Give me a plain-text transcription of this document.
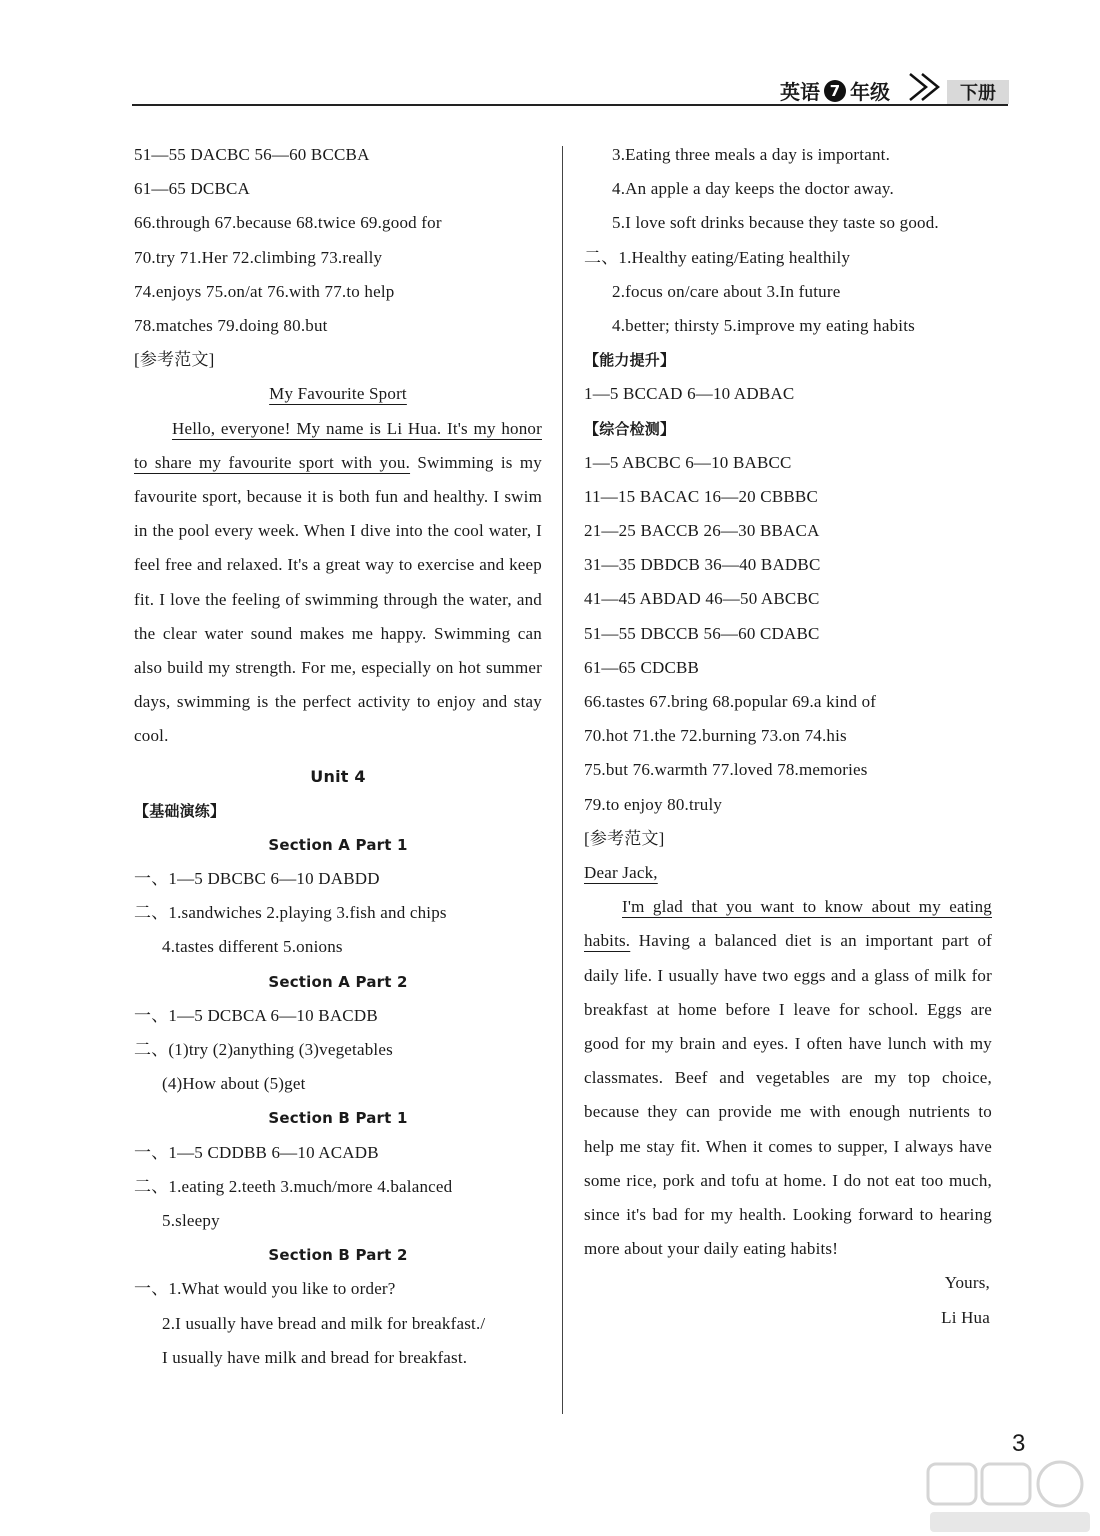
英语 7 年级	下册
51—55 DACBC 56—60 BCCBA
61—65 DCBCA
66.through 67.because 68.twice 69.good for
70.try 71.Her 72.climbing 73.really
74.enjoys 75.on/at 76.with 77.to help
78.matches 79.doing 80.but
[参考范文]
My Favourite Sport

Hello, everyone! My name is Li Hua. It's my honor to share my favourite sport with you. Swimming is my favourite sport, because it is both fun and healthy. I swim in the pool every week. When I dive into the cool water, I feel free and relaxed. It's a great way to exercise and keep fit. I love the feeling of swimming through the water, and the clear water sound makes me happy. Swimming can also build my strength. For me, especially on hot summer days, swimming is the perfect activity to enjoy and stay cool.

Unit 4
【基础演练】
Section A Part 1
一、1—5 DBCBC 6—10 DABDD
二、1.sandwiches 2.playing 3.fish and chips
4.tastes different 5.onions
Section A Part 2
一、1—5 DCBCA 6—10 BACDB
二、(1)try (2)anything (3)vegetables
(4)How about (5)get
Section B Part 1
一、1—5 CDDBB 6—10 ACADB
二、1.eating 2.teeth 3.much/more 4.balanced
5.sleepy
Section B Part 2
一、1.What would you like to order?
2.I usually have bread and milk for breakfast./
I usually have milk and bread for breakfast.
3.Eating three meals a day is important.
4.An apple a day keeps the doctor away.
5.I love soft drinks because they taste so good.
二、1.Healthy eating/Eating healthily
2.focus on/care about 3.In future
4.better; thirsty 5.improve my eating habits
【能力提升】
1—5 BCCAD 6—10 ADBAC
【综合检测】
1—5 ABCBC 6—10 BABCC
11—15 BACAC 16—20 CBBBC
21—25 BACCB 26—30 BBACA
31—35 DBDCB 36—40 BADBC
41—45 ABDAD 46—50 ABCBC
51—55 DBCCB 56—60 CDABC
61—65 CDCBB
66.tastes 67.bring 68.popular 69.a kind of
70.hot 71.the 72.burning 73.on 74.his
75.but 76.warmth 77.loved 78.memories
79.to enjoy 80.truly
[参考范文]
Dear Jack,

I'm glad that you want to know about my eating habits. Having a balanced diet is an important part of daily life. I usually have two eggs and a glass of milk for breakfast at home before I leave for school. Eggs are good for my brain and eyes. I often have lunch with my classmates. Beef and vegetables are my top choice, because they can provide me with enough nutrients to help me stay fit. When it comes to supper, I always have some rice, pork and tofu at home. I do not eat too much, since it's bad for my health. Looking forward to hearing more about your daily eating habits!

Yours,
Li Hua
3
